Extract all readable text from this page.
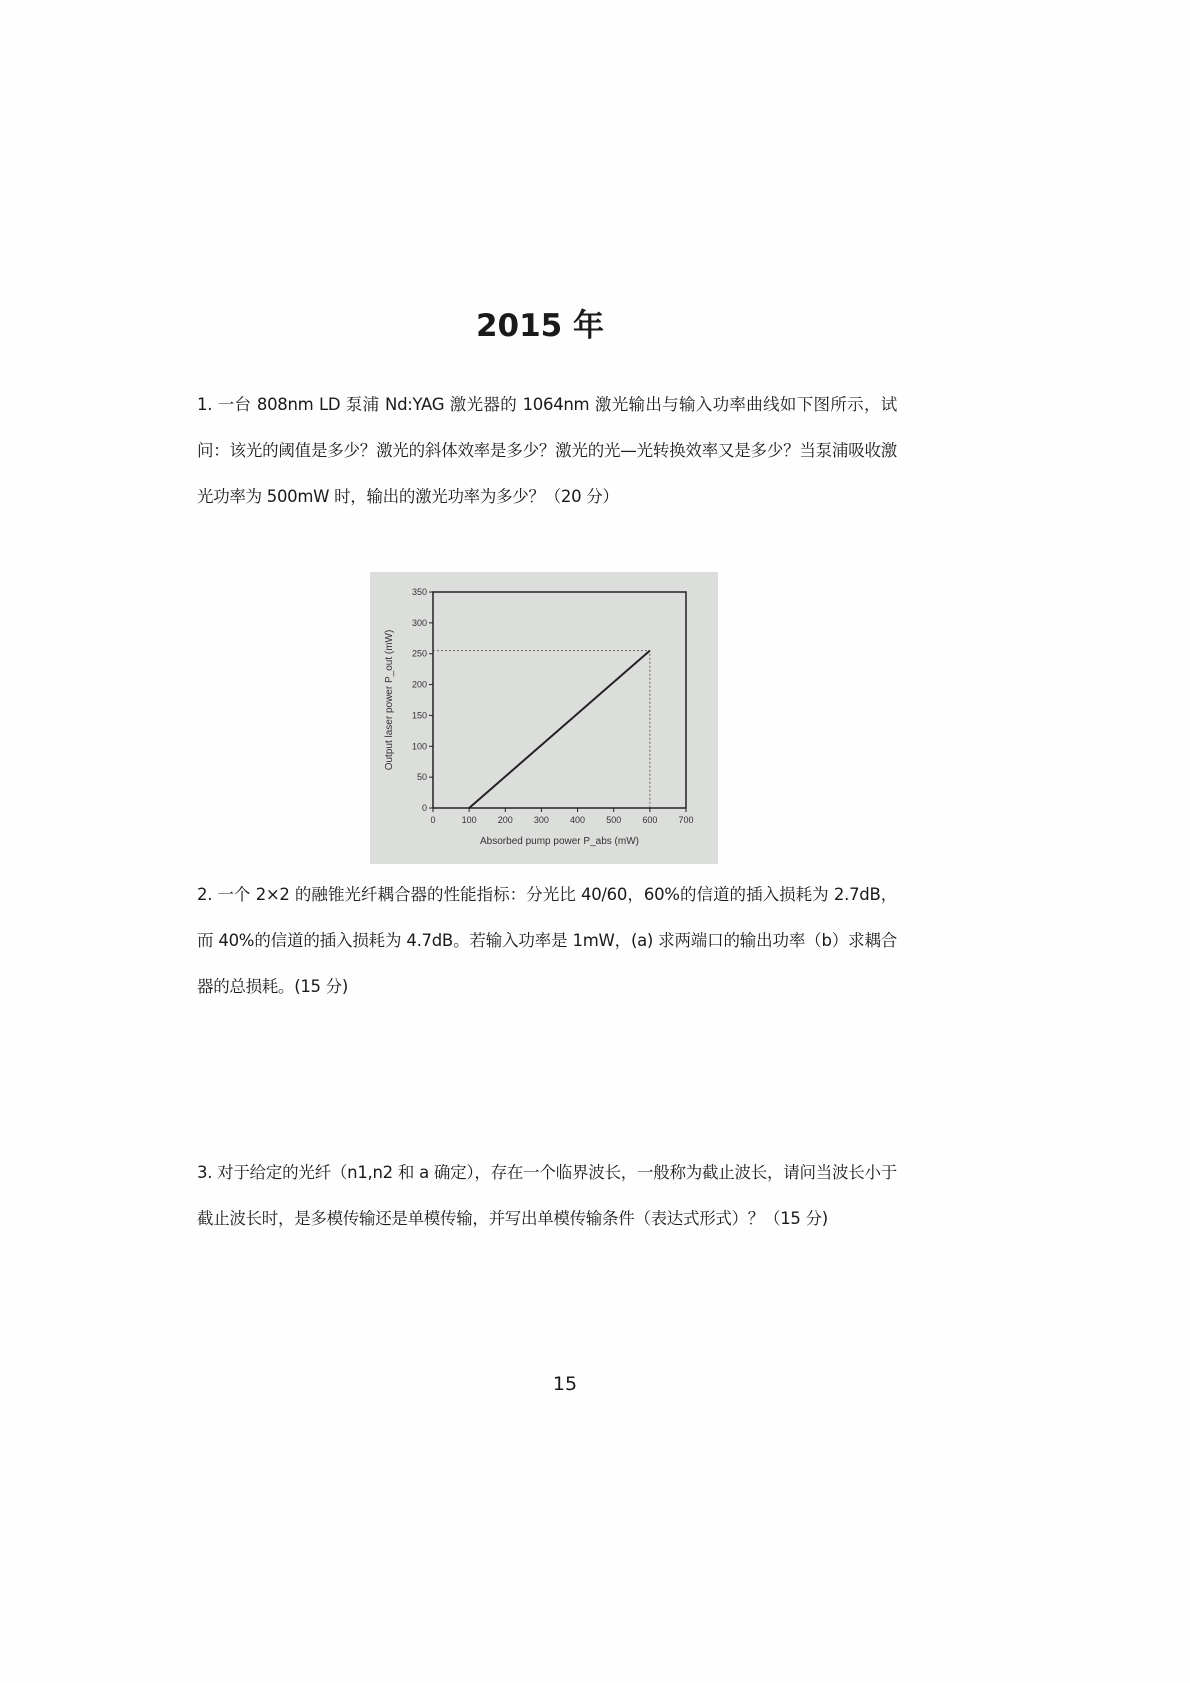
2015 年
1. 一台 808nm LD 泵浦 Nd:YAG 激光器的 1064nm 激光输出与输入功率曲线如下图所示，试问：该光的阈值是多少？激光的斜体效率是多少？激光的光—光转换效率又是多少？当泵浦吸收激光功率为 500mW 时，输出的激光功率为多少？（20 分）
0	100 200 300 400 500 600 700
0
50
100
150
200
250
300
350
Absorbed pump power P_abs (mW)
Output laser power P_out (mW)
2. 一个 2×2 的融锥光纤耦合器的性能指标：分光比 40/60，60%的信道的插入损耗为 2.7dB，而 40%的信道的插入损耗为 4.7dB。若输入功率是 1mW，(a) 求两端口的输出功率（b）求耦合器的总损耗。(15 分)
3. 对于给定的光纤（n1,n2 和 a 确定），存在一个临界波长，一般称为截止波长，请问当波长小于截止波长时，是多模传输还是单模传输，并写出单模传输条件（表达式形式）？（15 分)
15
